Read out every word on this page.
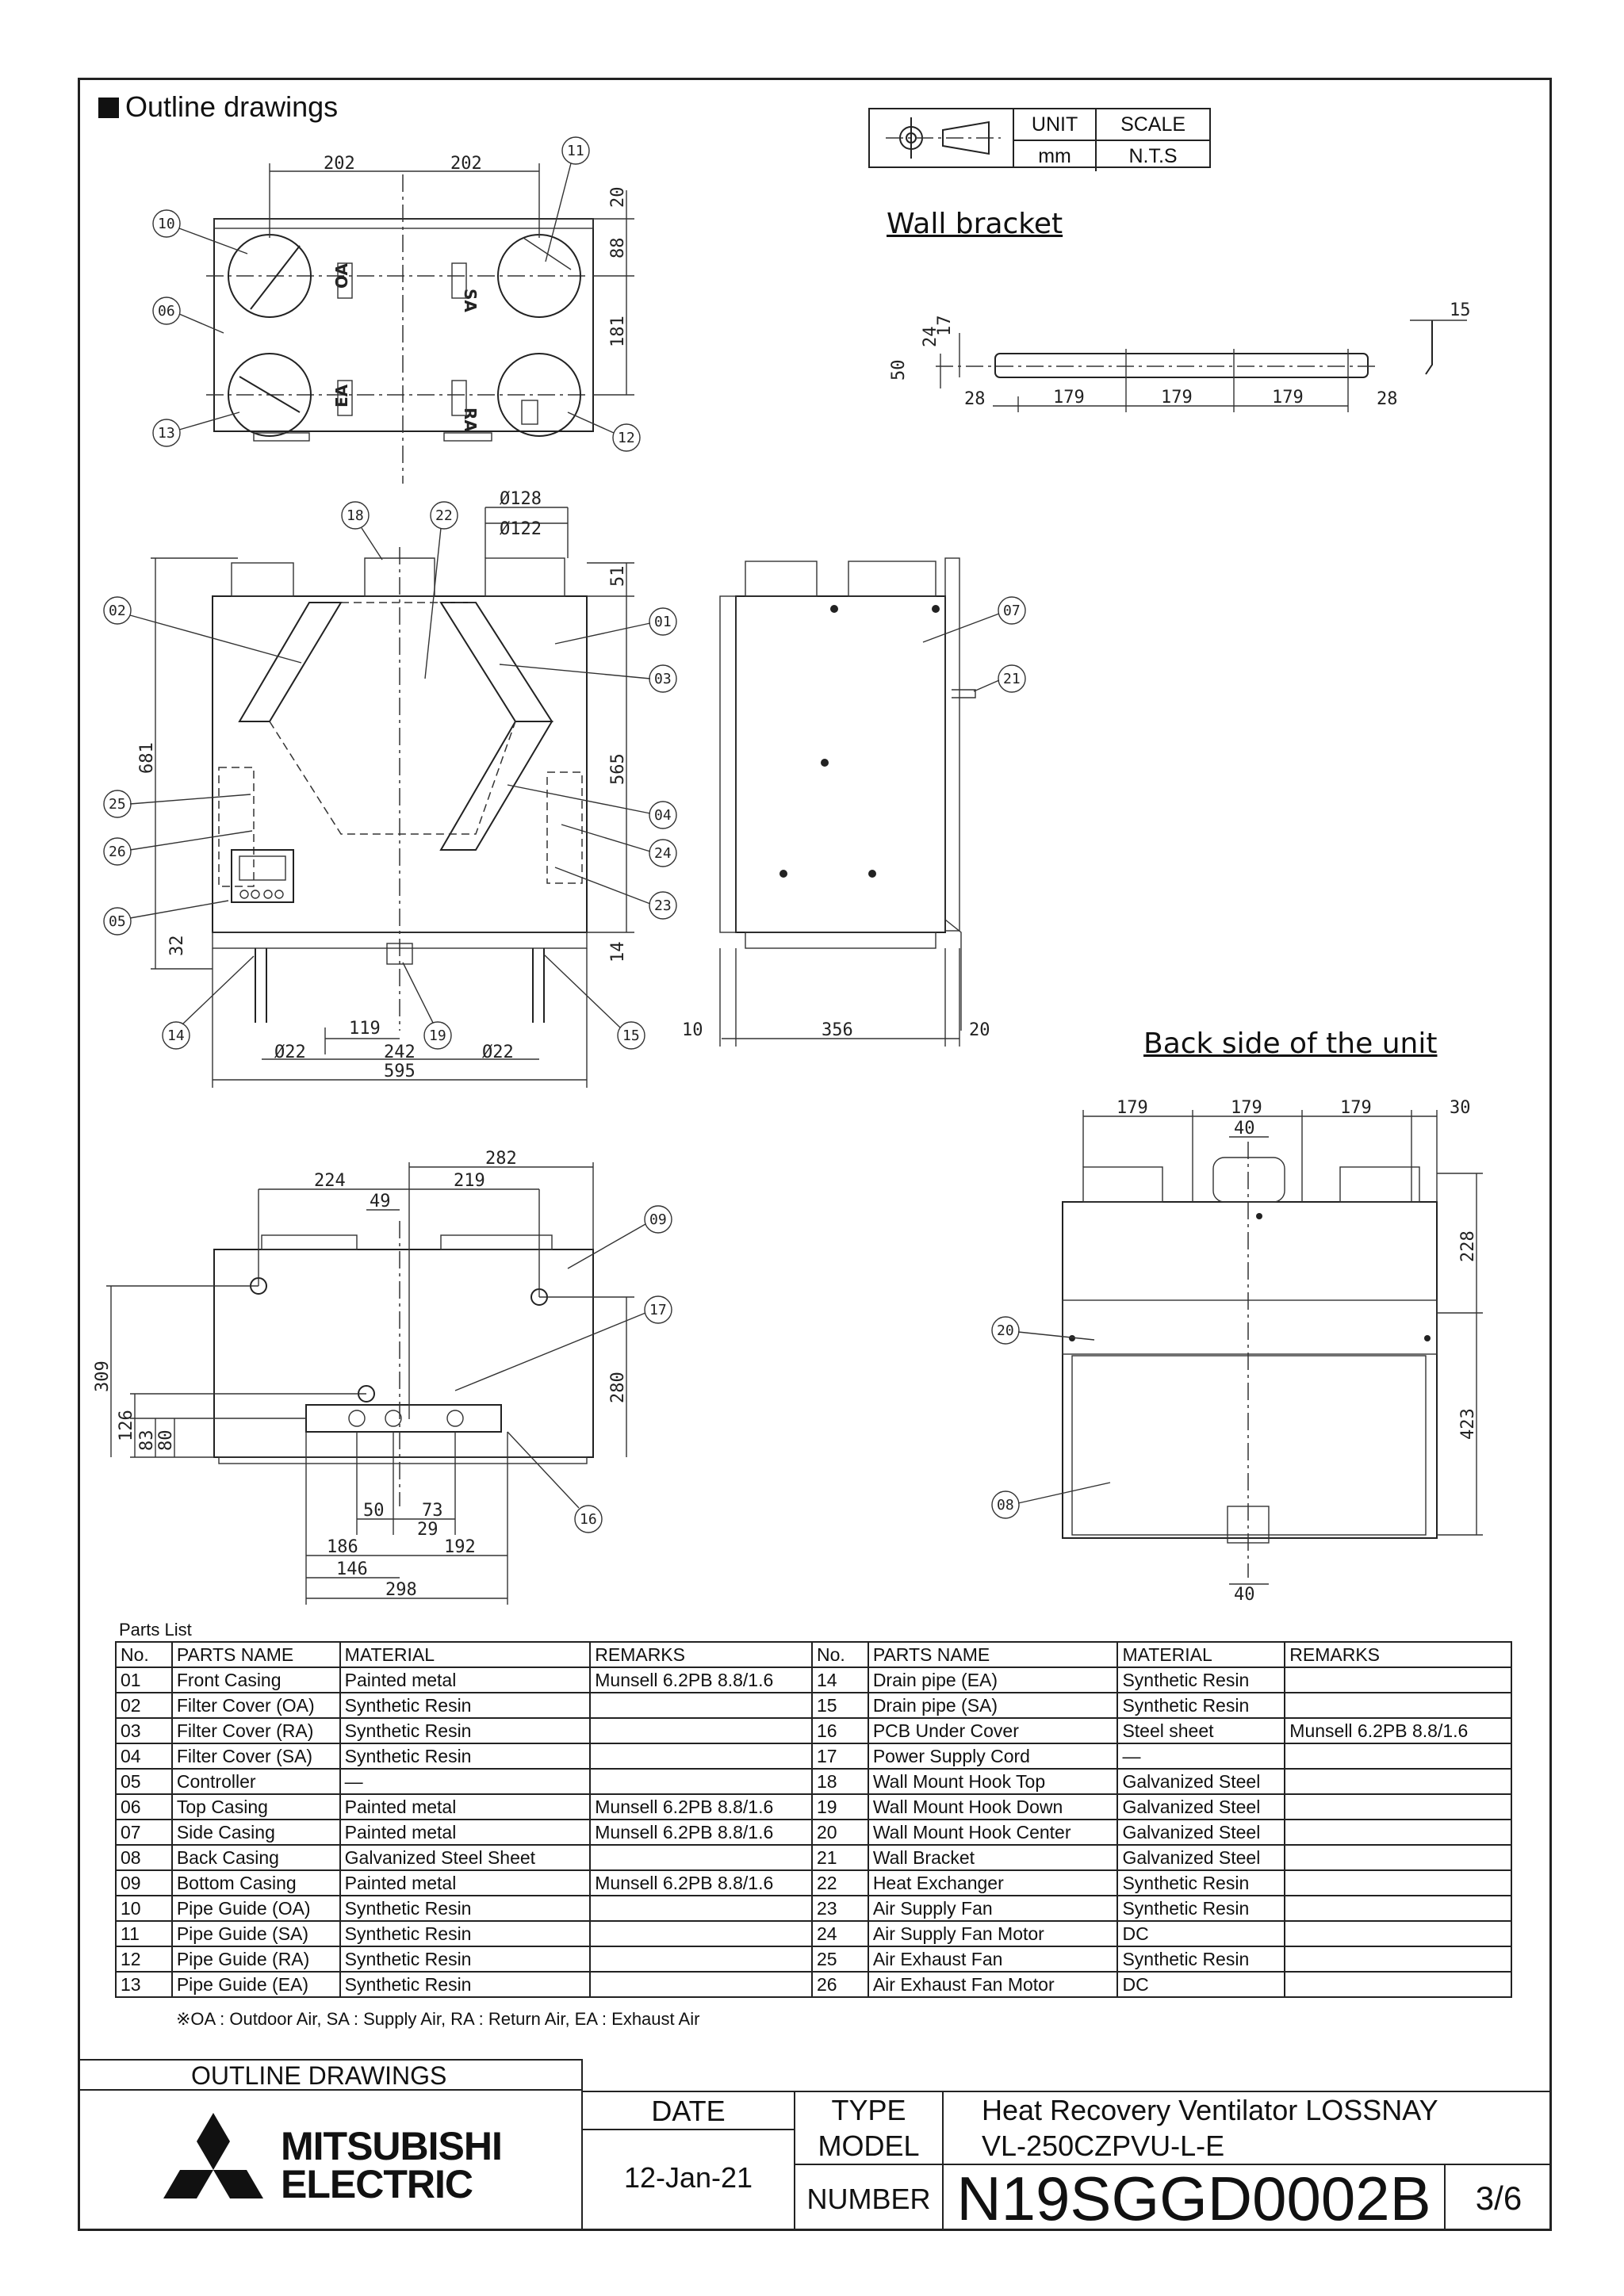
Outline drawings
UNIT	SCALE
mm	N.T.S
Wall bracket
Back side of the unit
OA
SA
EA
RA
202	202
20
88
181
10
06
13
11
12
24
17
50
28	179	179	179	28
15
Ø128
Ø122
51
681	565
32	14
119
Ø22	242	Ø22
595
18	22
02
01
03
25
26
05
04
24
23
14	19	15 10	356	20
07
21
282
224	219
49
309	280
126 83 80
50 73
29
186	192
146
298
09
17
16
179	179	179	30
40
228
423
40
20
08
Parts List
No.	PARTS NAME	MATERIAL	REMARKS	No.	PARTS NAME	MATERIAL	REMARKS
01	Front Casing	Painted metal	Munsell 6.2PB 8.8/1.6	14	Drain pipe (EA)	Synthetic Resin	
02	Filter Cover (OA)	Synthetic Resin		15	Drain pipe (SA)	Synthetic Resin	
03	Filter Cover (RA)	Synthetic Resin		16	PCB Under Cover	Steel sheet	Munsell 6.2PB 8.8/1.6
04	Filter Cover (SA)	Synthetic Resin		17	Power Supply Cord	—	
05	Controller	—		18	Wall Mount Hook Top	Galvanized Steel	
06	Top Casing	Painted metal	Munsell 6.2PB 8.8/1.6	19	Wall Mount Hook Down	Galvanized Steel	
07	Side Casing	Painted metal	Munsell 6.2PB 8.8/1.6	20	Wall Mount Hook Center	Galvanized Steel	
08	Back Casing	Galvanized Steel Sheet		21	Wall Bracket	Galvanized Steel	
09	Bottom Casing	Painted metal	Munsell 6.2PB 8.8/1.6	22	Heat Exchanger	Synthetic Resin	
10	Pipe Guide (OA)	Synthetic Resin		23	Air Supply Fan	Synthetic Resin	
11	Pipe Guide (SA)	Synthetic Resin		24	Air Supply Fan Motor	DC	
12	Pipe Guide (RA)	Synthetic Resin		25	Air Exhaust Fan	Synthetic Resin	
13	Pipe Guide (EA)	Synthetic Resin		26	Air Exhaust Fan Motor	DC	
※OA : Outdoor Air, SA : Supply Air, RA : Return Air, EA : Exhaust Air
OUTLINE DRAWINGS
MITSUBISHI
ELECTRIC
DATE
12-Jan-21
TYPE	Heat Recovery Ventilator LOSSNAY
MODEL	VL-250CZPVU-L-E
NUMBER N19SGGD0002B	3/6
